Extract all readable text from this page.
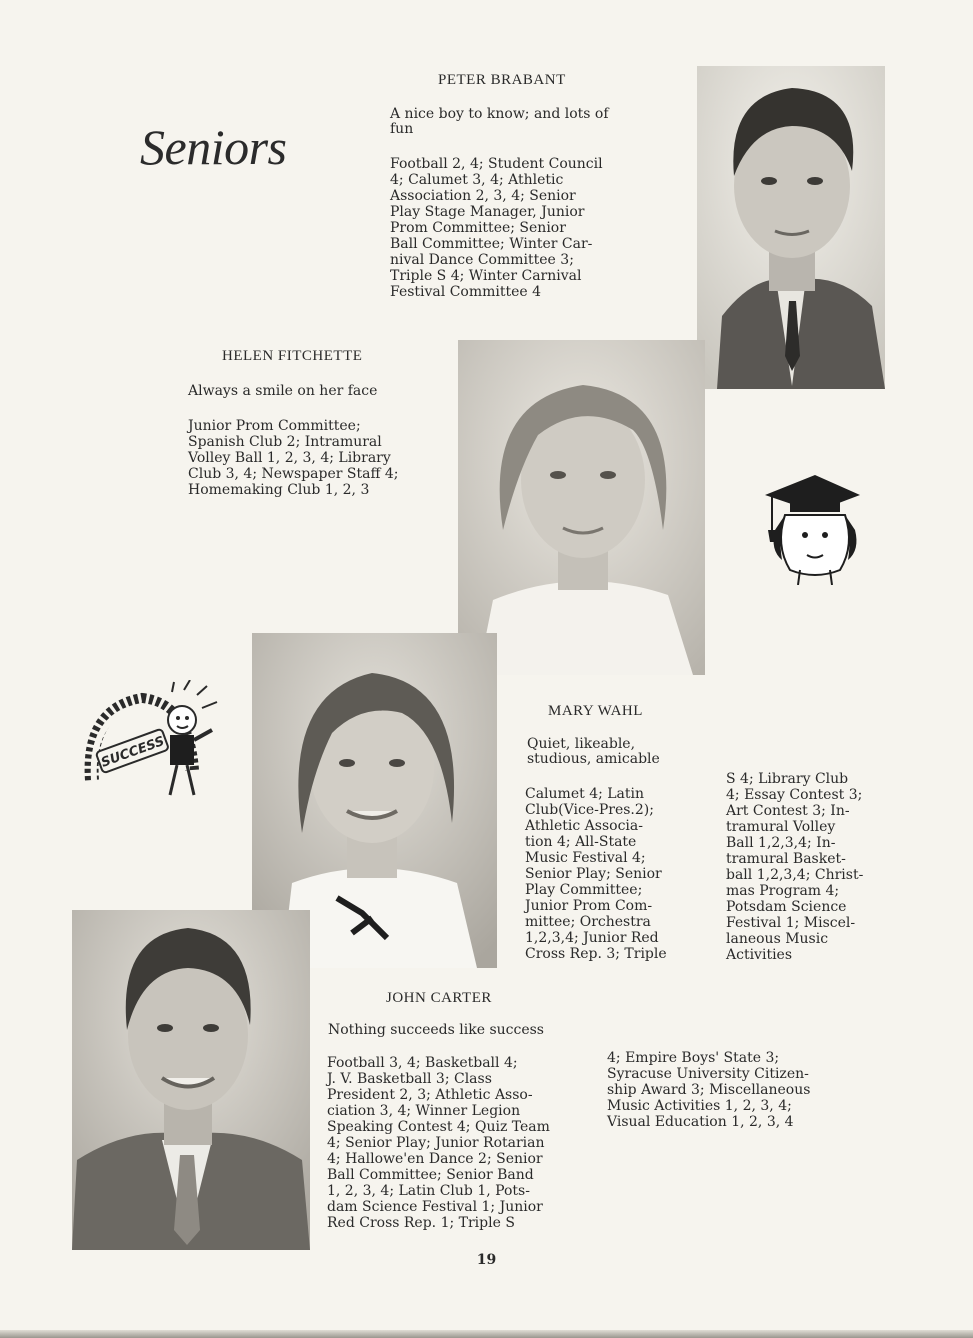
Seniors
PETER BRABANT
A nice boy to know; and lots of fun
Football 2, 4; Student Council
4; Calumet 3, 4; Athletic
Association 2, 3, 4; Senior
Play Stage Manager, Junior
Prom Committee; Senior
Ball Committee; Winter Car-
nival Dance Committee 3;
Triple S 4; Winter Carnival
Festival Committee 4
HELEN FITCHETTE
Always a smile on her face
Junior Prom Committee;
Spanish Club 2; Intramural
Volley Ball 1, 2, 3, 4; Library
Club 3, 4; Newspaper Staff 4;
Homemaking Club 1, 2, 3
SUCCESS
MARY WAHL
Quiet, likeable,
studious, amicable
Calumet 4; Latin
Club(Vice-Pres.2);
Athletic Associa-
tion 4; All-State
Music Festival 4;
Senior Play; Senior
Play Committee;
Junior Prom Com-
mittee; Orchestra
1,2,3,4; Junior Red
Cross Rep. 3; Triple
S 4; Library Club
4; Essay Contest 3;
Art Contest 3; In-
tramural Volley
Ball 1,2,3,4; In-
tramural Basket-
ball 1,2,3,4; Christ-
mas Program 4;
Potsdam Science
Festival 1; Miscel-
laneous Music
Activities
JOHN CARTER
Nothing succeeds like success
Football 3, 4; Basketball 4;
J. V. Basketball 3; Class
President 2, 3; Athletic Asso-
ciation 3, 4; Winner Legion
Speaking Contest 4; Quiz Team
4; Senior Play; Junior Rotarian
4; Hallowe'en Dance 2; Senior
Ball Committee; Senior Band
1, 2, 3, 4; Latin Club 1, Pots-
dam Science Festival 1; Junior
Red Cross Rep. 1; Triple S
4; Empire Boys' State 3;
Syracuse University Citizen-
ship Award 3; Miscellaneous
Music Activities 1, 2, 3, 4;
Visual Education 1, 2, 3, 4
19
